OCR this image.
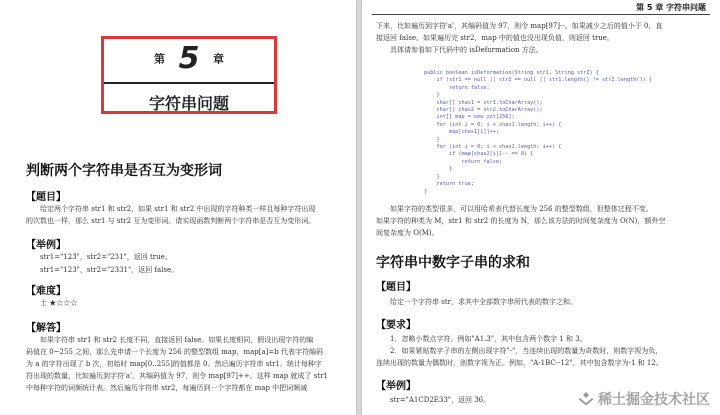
第 5 章
字符串问题
判断两个字符串是否互为变形词
【题目】
给定两个字符串 str1 和 str2，如果 str1 和 str2 中出现的字符种类一样且每种字符出现
的次数也一样，那么 str1 与 str2 互为变形词。请实现函数判断两个字符串是否互为变形词。
【举例】
str1="123"，str2="231"，返回 true。
str1="123"，str2="2331"，返回 false。
【难度】
士 ★☆☆☆
【解答】
如果字符串 str1 和 str2 长度不同，直接返回 false。如果长度相同，假设出现字符的编
码值在 0~255 之间，那么先申请一个长度为 256 的整型数组 map，map[a]=b 代表字符编码
为 a 的字符出现了 b 次，初始时 map[0..255]的值都是 0。然后遍历字符串 str1，统计每种字
符出现的数量，比如遍历到字符'a'，其编码值为 97，则令 map[97]++。这样 map 就成了 str1
中每种字符的词频统计表。然后遍历字符串 str2，每遍历到一个字符都在 map 中把词频减
第 5 章 字符串问题
下来，比如遍历到字符'a'，其编码值为 97，则令 map[97]--。如果减少之后的值小于 0，直
接返回 false。如果遍历完 str2，map 中的值也没出现负值，则返回 true。
具体请参看如下代码中的 isDeformation 方法。
public boolean isDeformation(String str1, String str2) {
if (str1 == null || str2 == null || str1.length() != str2.length()) {
return false;
}
char[] chas1 = str1.toCharArray();
char[] chas2 = str2.toCharArray();
int[] map = new int[256];
for (int i = 0; i < chas1.length; i++) {
map[chas1[i]]++;
}
for (int i = 0; i < chas2.length; i++) {
if (map[chas2[i]]-- == 0) {
return false;
}
}
return true;
}
如果字符的类型很多，可以用哈希表代替长度为 256 的整型数组，但整体过程不变。
如果字符的种类为 M，str1 和 str2 的长度为 N，那么该方法的时间复杂度为 O(N)，额外空
间复杂度为 O(M)。
字符串中数字子串的求和
【题目】
给定一个字符串 str，求其中全部数字串所代表的数字之和。
【要求】
1．忽略小数点字符，例如"A1.3"，其中包含两个数字 1 和 3。
2．如果紧贴数字子串的左侧出现字符"-"，当连续出现的数量为奇数时，则数字视为负，
连续出现的数量为偶数时，则数字视为正。例如，"A-1BC--12"，其中包含数字为-1 和 12。
【举例】
str="A1CD2E33"，返回 36。	稀土掘金技术社区
